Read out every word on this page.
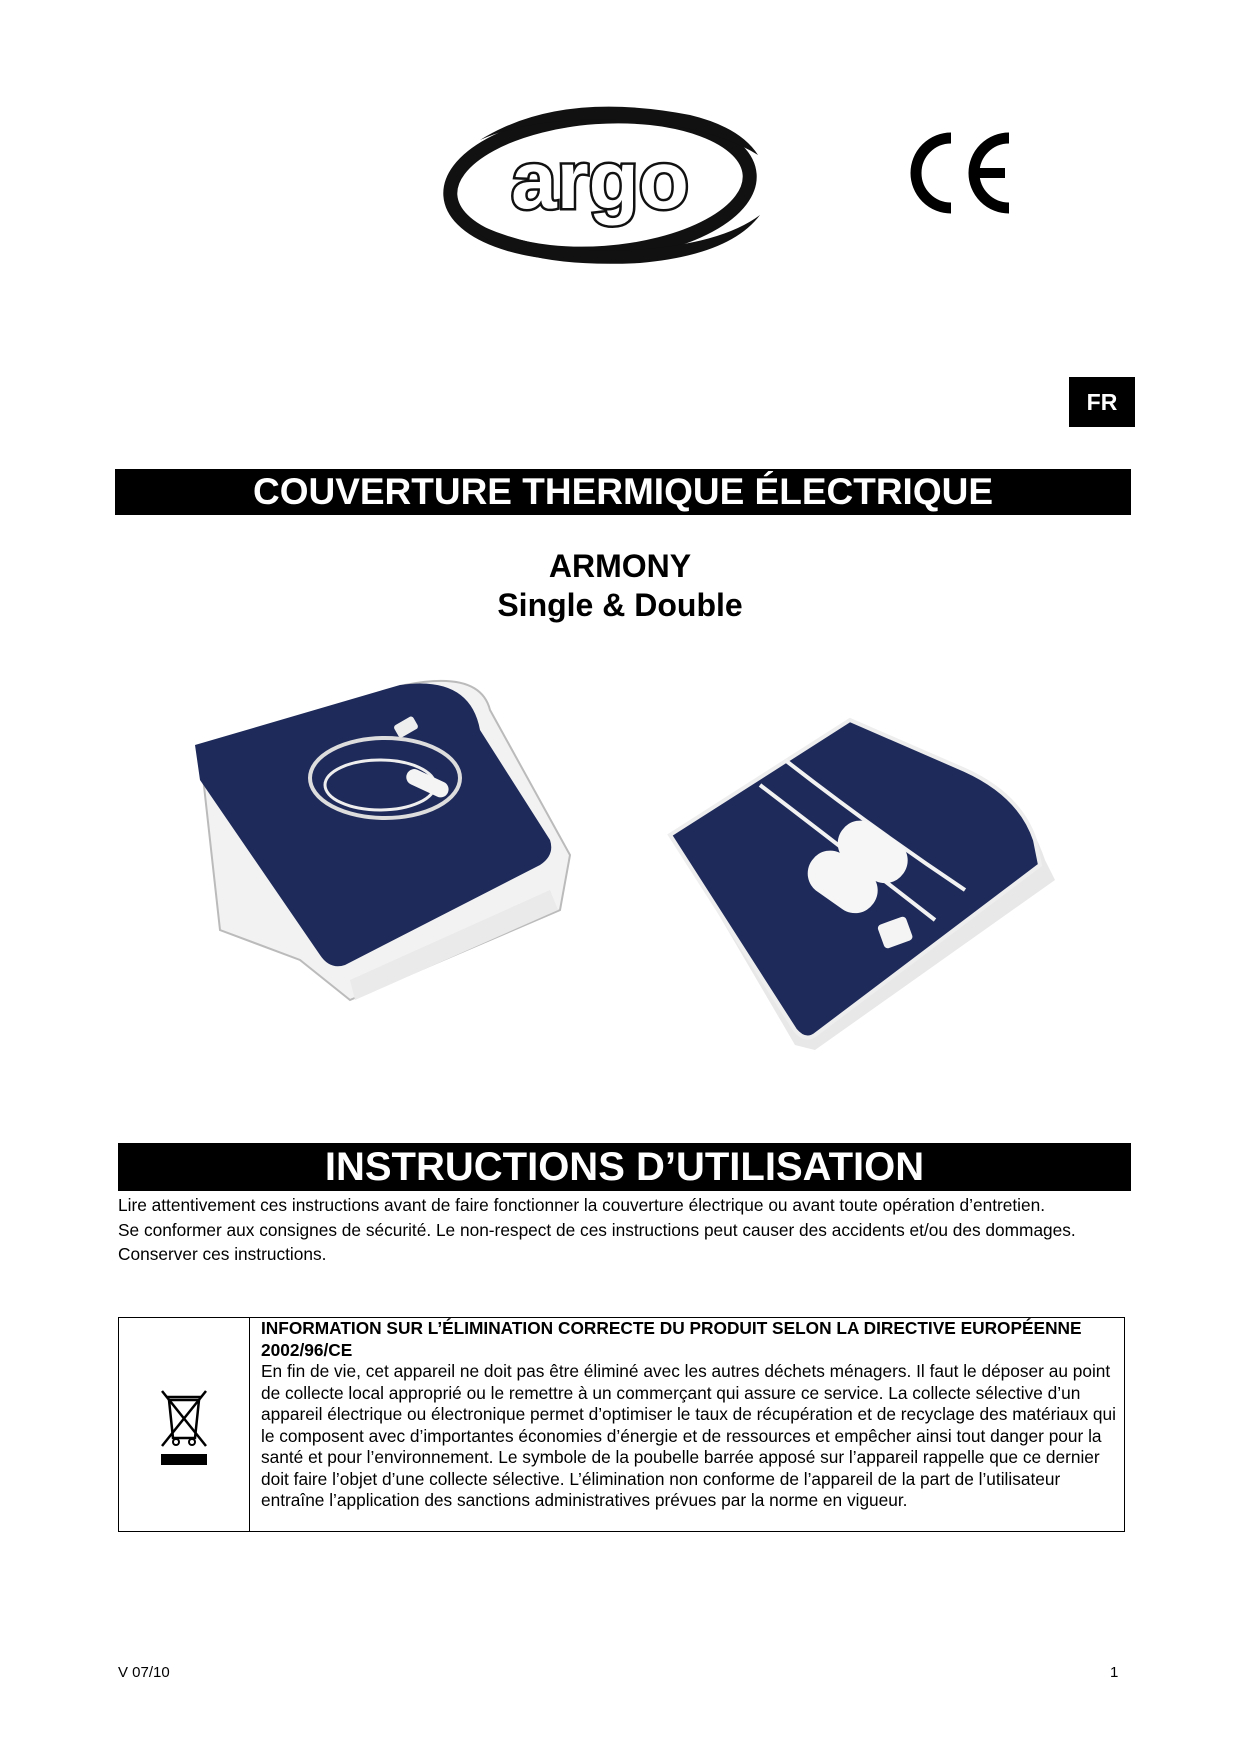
argo
FR
COUVERTURE THERMIQUE ÉLECTRIQUE
ARMONY
Single & Double
INSTRUCTIONS D’UTILISATION

Lire attentivement ces instructions avant de faire fonctionner la couverture électrique ou avant toute opération d’entretien.

Se conformer aux consignes de sécurité. Le non-respect de ces instructions peut causer des accidents et/ou des dommages.

Conserver ces instructions.

INFORMATION SUR L’ÉLIMINATION CORRECTE DU PRODUIT SELON LA DIRECTIVE EUROPÉENNE 2002/96/CE
En fin de vie, cet appareil ne doit pas être éliminé avec les autres déchets ménagers. Il faut le déposer au point de collecte local approprié ou le remettre à un commerçant qui assure ce service. La collecte sélective d’un appareil électrique ou électronique permet d’optimiser le taux de récupération et de recyclage des matériaux qui le composent avec d’importantes économies d’énergie et de ressources et empêcher ainsi tout danger pour la santé et pour l’environnement. Le symbole de la poubelle barrée apposé sur l’appareil rappelle que ce dernier doit faire l’objet d’une collecte sélective. L’élimination non conforme de l’appareil de la part de l’utilisateur entraîne l’application des sanctions administratives prévues par la norme en vigueur.
V 07/10	1
